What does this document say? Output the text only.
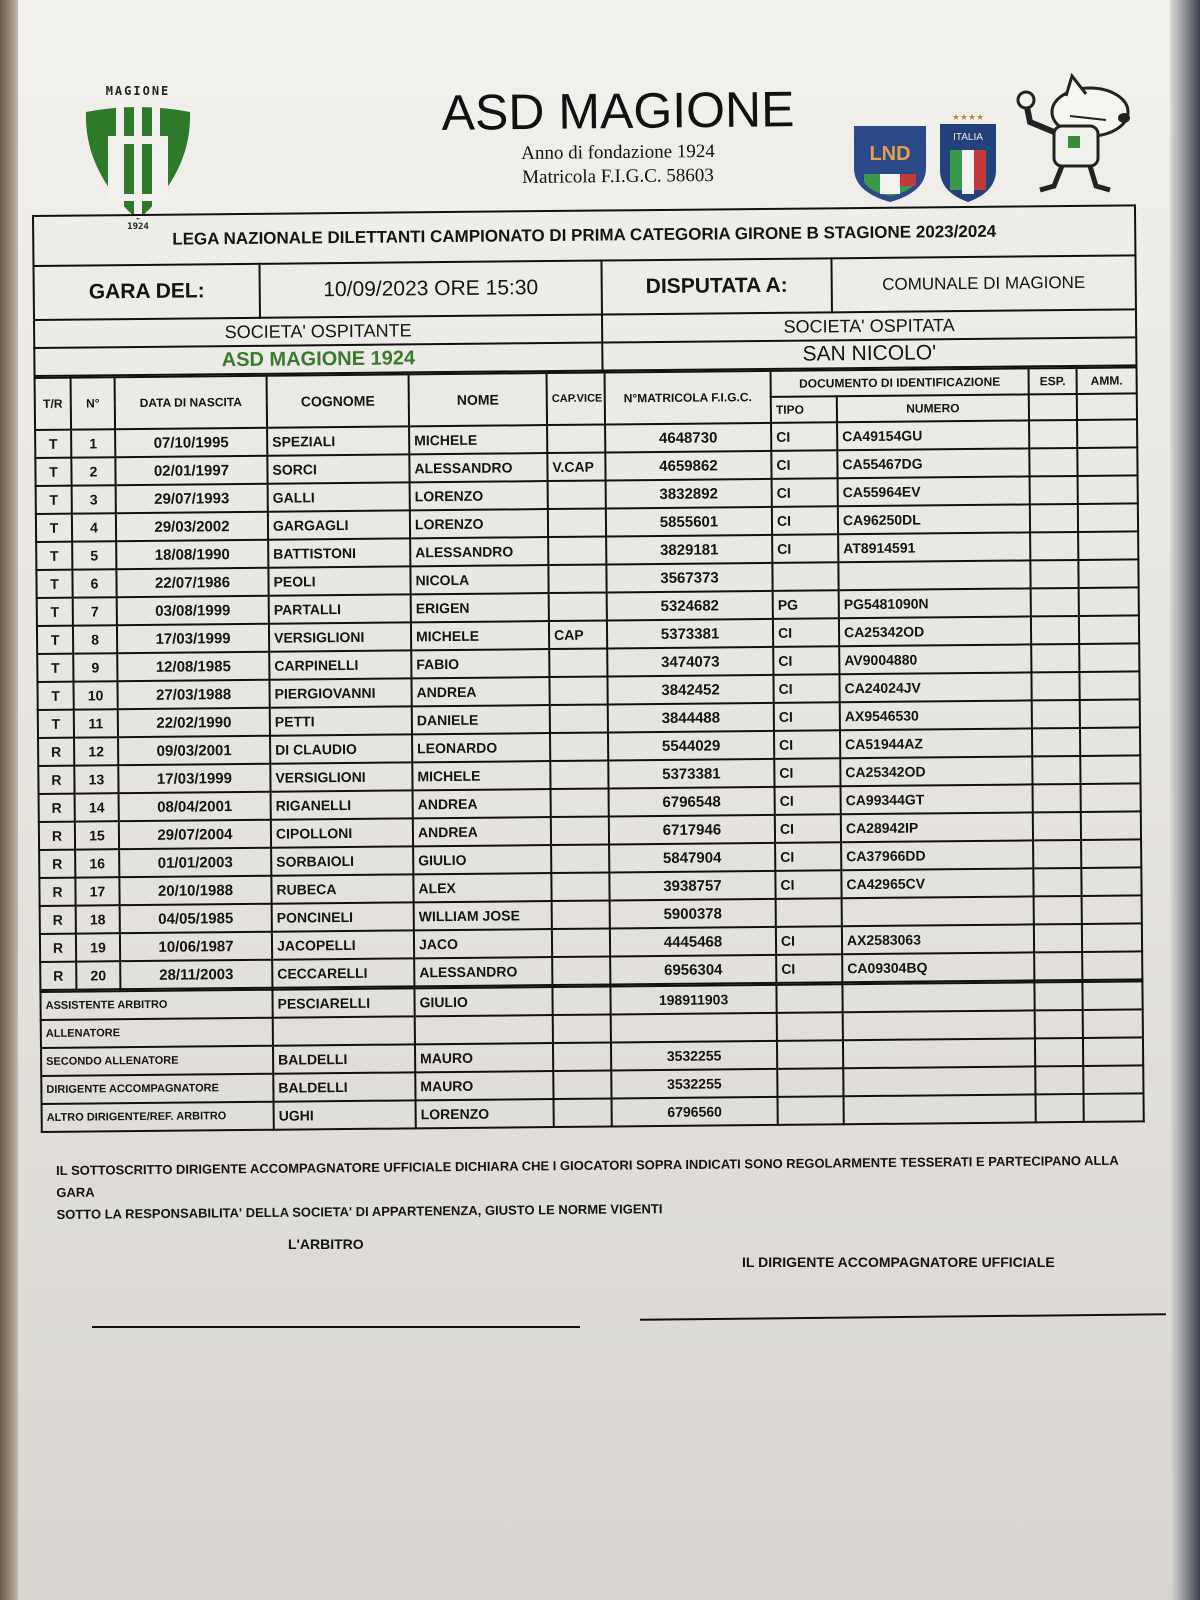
MAGIONE
1924
ASD MAGIONE
Anno di fondazione 1924
Matricola F.I.G.C. 58603
LND
★★★★
ITALIA
LEGA NAZIONALE DILETTANTI CAMPIONATO DI PRIMA CATEGORIA GIRONE B STAGIONE 2023/2024			
GARA DEL:	10/09/2023 ORE 15:30	DISPUTATA A:	COMUNALE DI MAGIONE
SOCIETA' OSPITANTE		SOCIETA' OSPITATA	
ASD MAGIONE 1924		SAN NICOLO'	
T/R	N°	DATA DI NASCITA	COGNOME	NOME	CAP.VICE	N°MATRICOLA F.I.G.C.	DOCUMENTO DI IDENTIFICAZIONE		ESP.	AMM.
							TIPO	NUMERO		
T	1	07/10/1995	SPEZIALI	MICHELE		4648730	CI	CA49154GU		
T	2	02/01/1997	SORCI	ALESSANDRO	V.CAP	4659862	CI	CA55467DG		
T	3	29/07/1993	GALLI	LORENZO		3832892	CI	CA55964EV		
T	4	29/03/2002	GARGAGLI	LORENZO		5855601	CI	CA96250DL		
T	5	18/08/1990	BATTISTONI	ALESSANDRO		3829181	CI	AT8914591		
T	6	22/07/1986	PEOLI	NICOLA		3567373				
T	7	03/08/1999	PARTALLI	ERIGEN		5324682	PG	PG5481090N		
T	8	17/03/1999	VERSIGLIONI	MICHELE	CAP	5373381	CI	CA25342OD		
T	9	12/08/1985	CARPINELLI	FABIO		3474073	CI	AV9004880		
T	10	27/03/1988	PIERGIOVANNI	ANDREA		3842452	CI	CA24024JV		
T	11	22/02/1990	PETTI	DANIELE		3844488	CI	AX9546530		
R	12	09/03/2001	DI CLAUDIO	LEONARDO		5544029	CI	CA51944AZ		
R	13	17/03/1999	VERSIGLIONI	MICHELE		5373381	CI	CA25342OD		
R	14	08/04/2001	RIGANELLI	ANDREA		6796548	CI	CA99344GT		
R	15	29/07/2004	CIPOLLONI	ANDREA		6717946	CI	CA28942IP		
R	16	01/01/2003	SORBAIOLI	GIULIO		5847904	CI	CA37966DD		
R	17	20/10/1988	RUBECA	ALEX		3938757	CI	CA42965CV		
R	18	04/05/1985	PONCINELI	WILLIAM JOSE		5900378				
R	19	10/06/1987	JACOPELLI	JACO		4445468	CI	AX2583063		
R	20	28/11/2003	CECCARELLI	ALESSANDRO		6956304	CI	CA09304BQ		
ASSISTENTE ARBITRO	PESCIARELLI	GIULIO		198911903				
ALLENATORE								
SECONDO ALLENATORE	BALDELLI	MAURO		3532255				
DIRIGENTE ACCOMPAGNATORE	BALDELLI	MAURO		3532255				
ALTRO DIRIGENTE/REF. ARBITRO	UGHI	LORENZO		6796560				
IL SOTTOSCRITTO DIRIGENTE ACCOMPAGNATORE UFFICIALE DICHIARA CHE I GIOCATORI SOPRA INDICATI SONO REGOLARMENTE TESSERATI E PARTECIPANO ALLA GARA
SOTTO LA RESPONSABILITA' DELLA SOCIETA' DI APPARTENENZA, GIUSTO LE NORME VIGENTI
L'ARBITRO
IL DIRIGENTE ACCOMPAGNATORE UFFICIALE
